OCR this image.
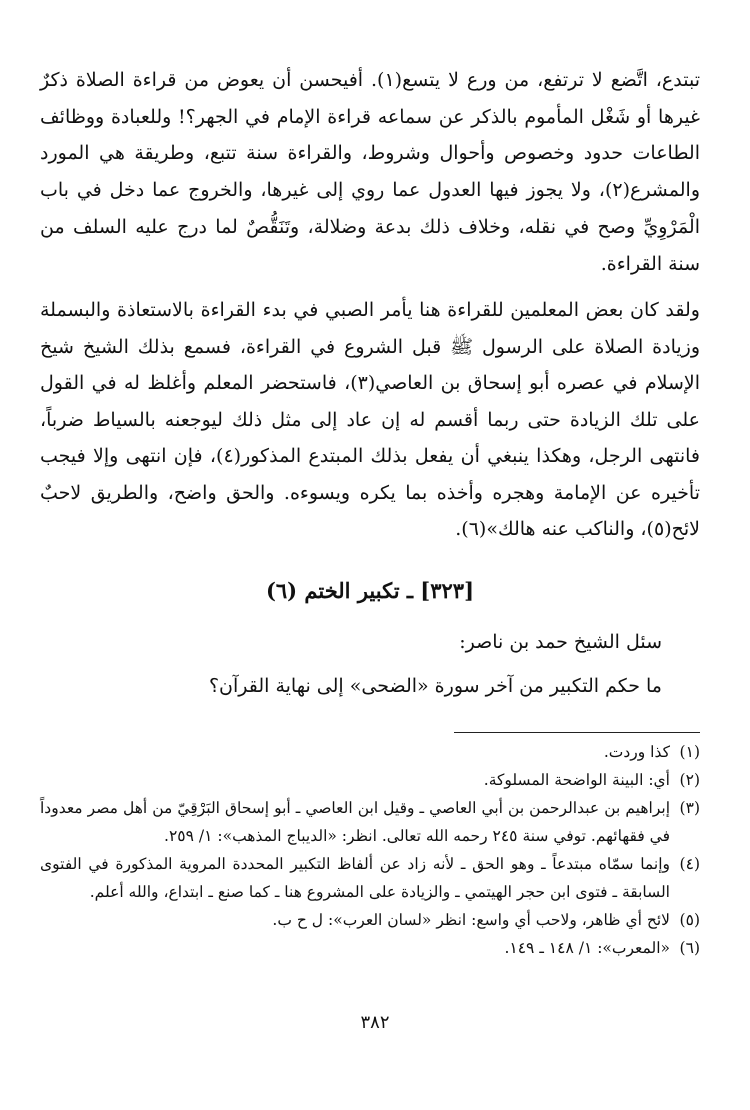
تبتدع، اتَّضع لا ترتفع، من ورع لا يتسع(١). أفيحسن أن يعوض من قراءة الصلاة ذكرٌ غيرها أو شَغْل المأموم بالذكر عن سماعه قراءة الإمام في الجهر؟! وللعبادة ووظائف الطاعات حدود وخصوص وأحوال وشروط، والقراءة سنة تتبع، وطريقة هي المورد والمشرع(٢)، ولا يجوز فيها العدول عما روي إلى غيرها، والخروج عما دخل في باب الْمَرْوِيِّ وصح في نقله، وخلاف ذلك بدعة وضلالة، وتَنَقُّصٌ لما درج عليه السلف من سنة القراءة.

ولقد كان بعض المعلمين للقراءة هنا يأمر الصبي في بدء القراءة بالاستعاذة والبسملة وزيادة الصلاة على الرسول ﷺ قبل الشروع في القراءة، فسمع بذلك الشيخ شيخ الإسلام في عصره أبو إسحاق بن العاصي(٣)، فاستحضر المعلم وأغلظ له في القول على تلك الزيادة حتى ربما أقسم له إن عاد إلى مثل ذلك ليوجعنه بالسياط ضرباً، فانتهى الرجل، وهكذا ينبغي أن يفعل بذلك المبتدع المذكور(٤)، فإن انتهى وإلا فيجب تأخيره عن الإمامة وهجره وأخذه بما يكره ويسوءه. والحق واضح، والطريق لاحبٌ لائح(٥)، والناكب عنه هالك»(٦).

[٣٢٣] ـ تكبير الختم (٦)

سئل الشيخ حمد بن ناصر:

ما حكم التكبير من آخر سورة «الضحى» إلى نهاية القرآن؟

(١)
كذا وردت.
(٢)
أي: البينة الواضحة المسلوكة.
(٣)
إبراهيم بن عبدالرحمن بن أبي العاصي ـ وقيل ابن العاصي ـ أبو إسحاق البَرْقِيّ من أهل مصر معدوداً في فقهائهم. توفي سنة ٢٤٥ رحمه الله تعالى. انظر: «الديباج المذهب»: ١/ ٢٥٩.
(٤)
وإنما سمّاه مبتدعاً ـ وهو الحق ـ لأنه زاد عن ألفاظ التكبير المحددة المروية المذكورة في الفتوى السابقة ـ فتوى ابن حجر الهيتمي ـ والزيادة على المشروع هنا ـ كما صنع ـ ابتداع، والله أعلم.
(٥)
لائح أي ظاهر، ولاحب أي واسع: انظر «لسان العرب»: ل ح ب.
(٦)
«المعرب»: ١/ ١٤٨ ـ ١٤٩.
٣٨٢
